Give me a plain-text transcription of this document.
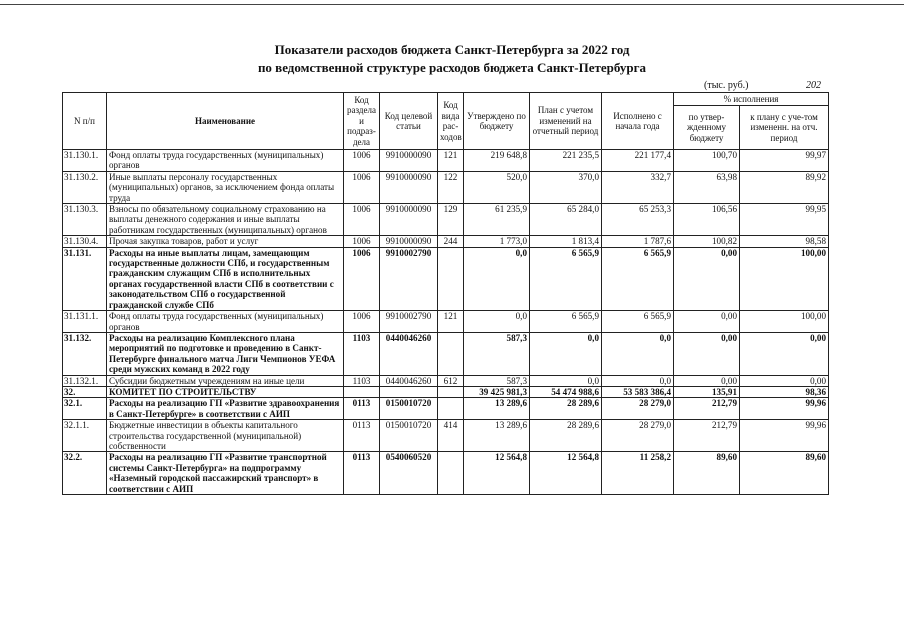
Показатели расходов бюджета Санкт-Петербурга за 2022 год
по ведомственной структуре расходов бюджета Санкт-Петербурга
(тыс. руб.)	202
N п/п	Наименование	Код раздела и подраз-дела	Код целевой статьи	Код вида рас-ходов	Утверждено по бюджету	План с учетом изменений на отчетный период	Исполнено с начала года	% исполнения	
								по утвер-жденному бюджету	к плану с уче-том измененн. на отч. период
31.130.1.	Фонд оплаты труда государственных (муниципальных) органов	1006	9910000090	121	219 648,8	221 235,5	221 177,4	100,70	99,97
31.130.2.	Иные выплаты персоналу государственных (муниципальных) органов, за исключением фонда оплаты труда	1006	9910000090	122	520,0	370,0	332,7	63,98	89,92
31.130.3.	Взносы по обязательному социальному страхованию на выплаты денежного содержания и иные выплаты работникам государственных (муниципальных) органов	1006	9910000090	129	61 235,9	65 284,0	65 253,3	106,56	99,95
31.130.4.	Прочая закупка товаров, работ и услуг	1006	9910000090	244	1 773,0	1 813,4	1 787,6	100,82	98,58
31.131.	Расходы на иные выплаты лицам, замещающим государственные должности СПб, и государственным гражданским служащим СПб в исполнительных органах государственной власти СПб в соответствии с законодательством СПб о государственной гражданской службе СПб	1006	9910002790		0,0	6 565,9	6 565,9	0,00	100,00
31.131.1.	Фонд оплаты труда государственных (муниципальных) органов	1006	9910002790	121	0,0	6 565,9	6 565,9	0,00	100,00
31.132.	Расходы на реализацию Комплексного плана мероприятий по подготовке и проведению в Санкт-Петербурге финального матча Лиги Чемпионов УЕФА среди мужских команд в 2022 году	1103	0440046260		587,3	0,0	0,0	0,00	0,00
31.132.1.	Субсидии бюджетным учреждениям на иные цели	1103	0440046260	612	587,3	0,0	0,0	0,00	0,00
32.	КОМИТЕТ ПО СТРОИТЕЛЬСТВУ				39 425 981,3	54 474 988,6	53 583 386,4	135,91	98,36
32.1.	Расходы на реализацию ГП «Развитие здравоохранения в Санкт-Петербурге» в соответствии с АИП	0113	0150010720		13 289,6	28 289,6	28 279,0	212,79	99,96
32.1.1.	Бюджетные инвестиции в объекты капитального строительства государственной (муниципальной) собственности	0113	0150010720	414	13 289,6	28 289,6	28 279,0	212,79	99,96
32.2.	Расходы на реализацию ГП «Развитие транспортной системы Санкт-Петербурга» на подпрограмму «Наземный городской пассажирский транспорт» в соответствии с АИП	0113	0540060520		12 564,8	12 564,8	11 258,2	89,60	89,60
